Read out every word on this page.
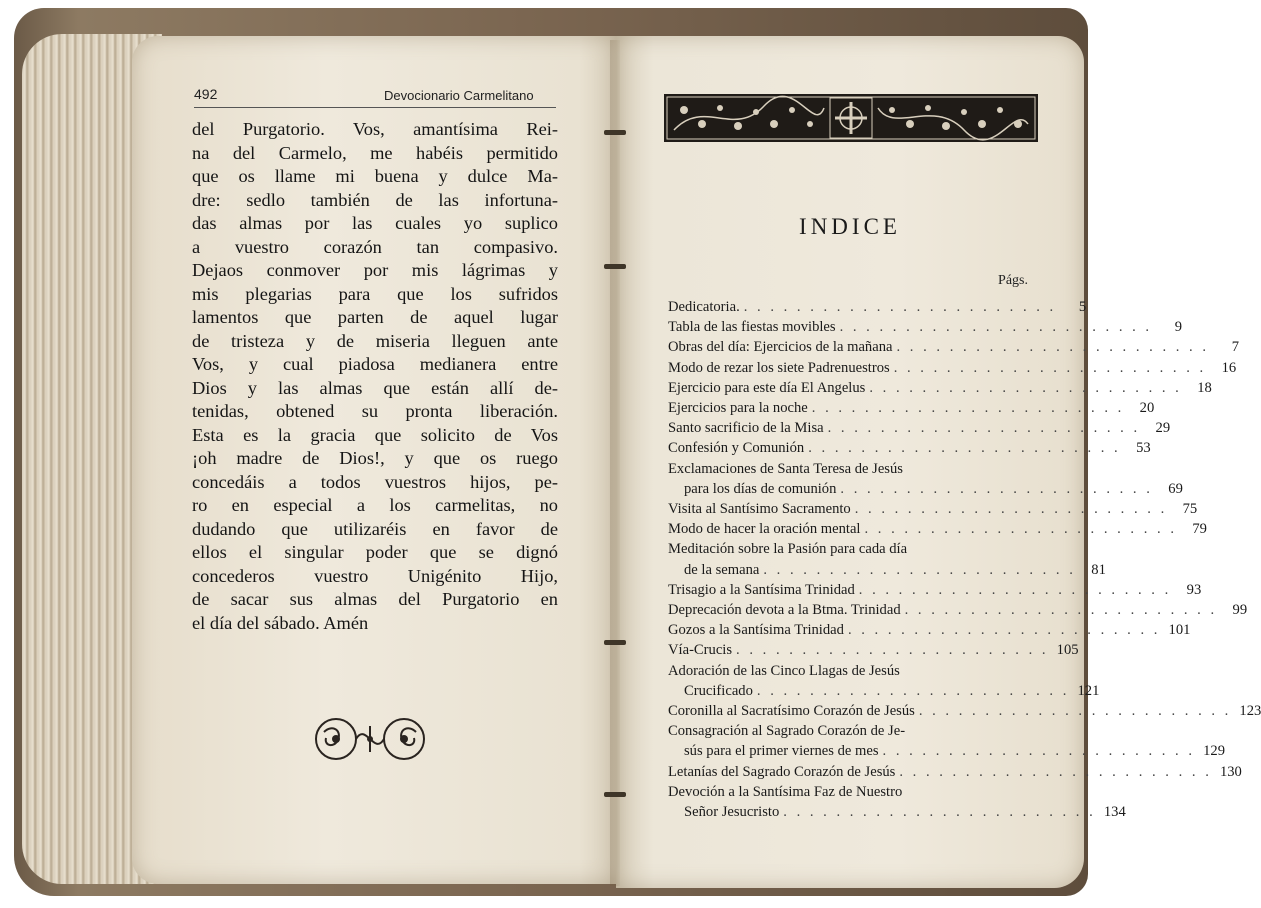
492	Devocionario Carmelitano
del Purgatorio. Vos, amantísima Rei-
na del Carmelo, me habéis permitido
que os llame mi buena y dulce Ma-
dre: sedlo también de las infortuna-
das almas por las cuales yo suplico
a vuestro corazón tan compasivo.
Dejaos conmover por mis lágrimas y
mis plegarias para que los sufridos
lamentos que parten de aquel lugar
de tristeza y de miseria lleguen ante
Vos, y cual piadosa medianera entre
Dios y las almas que están allí de-
tenidas, obtened su pronta liberación.
Esta es la gracia que solicito de Vos
¡oh madre de Dios!, y que os ruego
concedáis a todos vuestros hijos, pe-
ro en especial a los carmelitas, no
dudando que utilizaréis en favor de
ellos el singular poder que se dignó
concederos vuestro Unigénito Hijo,
de sacar sus almas del Purgatorio en
el día del sábado. Amén
INDICE
Págs.
Dedicatoria. . . . . . . . . . . . . . . . . . . . . . . . .	5
Tabla de las fiestas movibles . . . . . . . . . . . . . . . . . . . . . . . .	9
Obras del día: Ejercicios de la mañana . . . . . . . . . . . . . . . . . . . . . . . .	7
Modo de rezar los siete Padrenuestros . . . . . . . . . . . . . . . . . . . . . . . .	16
Ejercicio para este día El Angelus . . . . . . . . . . . . . . . . . . . . . . . .	18
Ejercicios para la noche . . . . . . . . . . . . . . . . . . . . . . . .	20
Santo sacrificio de la Misa . . . . . . . . . . . . . . . . . . . . . . . .	29
Confesión y Comunión . . . . . . . . . . . . . . . . . . . . . . . .	53
Exclamaciones de Santa Teresa de Jesús
para los días de comunión . . . . . . . . . . . . . . . . . . . . . . . .	69
Visita al Santísimo Sacramento . . . . . . . . . . . . . . . . . . . . . . . .	75
Modo de hacer la oración mental . . . . . . . . . . . . . . . . . . . . . . . .	79
Meditación sobre la Pasión para cada día
de la semana . . . . . . . . . . . . . . . . . . . . . . . .	81
Trisagio a la Santísima Trinidad . . . . . . . . . . . . . . . . . . . . . . . .	93
Deprecación devota a la Btma. Trinidad . . . . . . . . . . . . . . . . . . . . . . . .	99
Gozos a la Santísima Trinidad . . . . . . . . . . . . . . . . . . . . . . . . 101
Vía-Crucis . . . . . . . . . . . . . . . . . . . . . . . . 105
Adoración de las Cinco Llagas de Jesús
Crucificado . . . . . . . . . . . . . . . . . . . . . . . . 121
Coronilla al Sacratísimo Corazón de Jesús . . . . . . . . . . . . . . . . . . . . . . . . 123
Consagración al Sagrado Corazón de Je-
sús para el primer viernes de mes . . . . . . . . . . . . . . . . . . . . . . . . 129
Letanías del Sagrado Corazón de Jesús . . . . . . . . . . . . . . . . . . . . . . . . 130
Devoción a la Santísima Faz de Nuestro
Señor Jesucristo . . . . . . . . . . . . . . . . . . . . . . . . 134
